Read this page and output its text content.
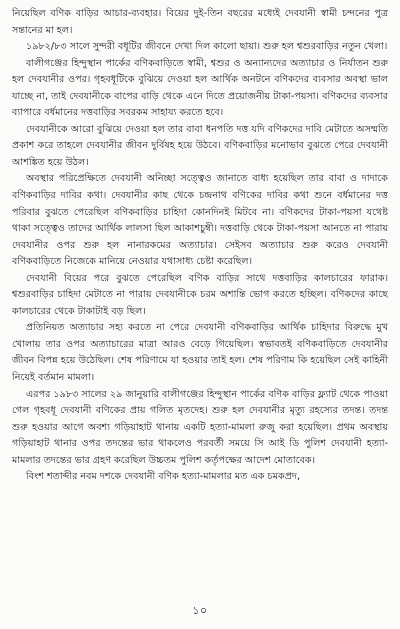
নিয়েছিল বণিক বাড়ির আচার-ব্যবহার। বিয়ের দুই-তিন বছরের মধ্যেই দেবযানী স্বামী চন্দনের পুত্র সন্তানের মা হল।

১৯৮২/৮৩ সালে সুন্দরী বধূটির জীবনে দেখা দিল কালো ছায়া। শুরু হল শ্বশুরবাড়ির নতুন খেলা।

বালীগঞ্জের হিন্দুস্থান পার্কের বণিকবাড়িতে স্বামী, শ্বশুর ও অন্যান্যদের অত্যাচার ও নির্যাতন শুরু হল দেবযানীর ওপর। গৃহবধূটিকে বুঝিয়ে দেওয়া হল আর্থিক অনটনে বণিকদের ব্যবসার অবস্থা ভাল যাচ্ছে না, তাই দেবযানীকে বাপের বাড়ি থেকে এনে দিতে প্রয়োজনীয় টাকা-পয়সা। বণিকদের ব্যবসার ব্যাপারে বর্ধমানের দত্তবাড়ির সবরকম সাহায্য করতে হবে।

দেবযানীকে আরো বুঝিয়ে দেওয়া হল তার বাবা ধনপতি দত্ত যদি বণিকদের দাবি মেটাতে অসম্মতি প্রকাশ করে তাহলে দেবযানীর জীবন দুর্বিষহ হয়ে উঠবে। বণিকবাড়ির মনোভাব বুঝতে পেরে দেবযানী আশঙ্কিত হয়ে উঠল।

অবস্থার পরিপ্রেক্ষিতে দেবযানী অনিচ্ছা সত্ত্বেও জানাতে বাধ্য হয়েছিল তার বাবা ও দাদাকে বণিকবাড়ির দাবির কথা। দেবযানীর কাছ থেকে চন্দ্রনাথ বণিকের দাবির কথা শুনে বর্ধমানের দত্ত পরিবার বুঝতে পেরেছিল বণিকবাড়ির চাহিদা কোনদিনই মিটবে না। বণিকদের টাকা-পয়সা যথেষ্ট থাকা সত্ত্বেও তাদের আর্থিক লালসা ছিল আকাশচুম্বী। দত্তবাড়ি থেকে টাকা-পয়সা আনতে না পারায় দেবযানীর ওপর শুরু হল নানারকমের অত্যাচার। সেইসব অত্যাচার শুরু করেও দেবযানী বণিকবাড়িতে নিজেকে মানিয়ে নেওয়ার যথাসাধ্য চেষ্টা করেছিল।

দেবযানী বিয়ের পরে বুঝতে পেরেছিল বণিক বাড়ির সাথে দত্তবাড়ির কালচারের ফারাক। শ্বশুরবাড়ির চাহিদা মেটাতে না পারায় দেবযানীকে চরম অশান্তি ভোগ করতে হচ্ছিল। বণিকদের কাছে কালচারের থেকে টাকাটাই বড় ছিল।

প্রতিনিয়ত অত্যাচার সহ্য করতে না পেরে দেবযানী বণিকবাড়ির আর্থিক চাহিদার বিরুদ্ধে মুখ খোলায় তার ওপর অত্যাচারের মাত্রা আরও বেড়ে গিয়েছিল। স্বভাবতই বণিকবাড়িতে দেবযানীর জীবন বিপন্ন হয়ে উঠেছিল। শেষ পরিণামে যা হওয়ার তাই হল। শেষ পরিণাম কি হয়েছিল সেই কাহিনী নিয়েই বর্তমান মামলা।

এরপর ১৯৮৩ সালের ২৯ জানুয়ারি বালীগঞ্জের হিন্দুস্থান পার্কের বণিক বাড়ির ফ্ল্যাট থেকে পাওয়া গেল গৃহবধূ দেবযানী বণিকের প্রায় গলিত মৃতদেহ। শুরু হল দেবযানীর মৃত্যু রহস্যের তদন্ত। তদন্ত শুরু হওয়ার আগে অবশ্য গড়িয়াহাট থানায় একটি হত্যা-মামলা রুজু করা হয়েছিল। প্রথম অবস্থায় গড়িয়াহাট থানার ওপর তদন্তের ভার থাকলেও পরবর্তী সময়ে সি আই ডি পুলিশ দেবযানী হত্যা-মামলার তদন্তের ভার গ্রহণ করেছিল উচ্চতম পুলিশ কর্তৃপক্ষের আদেশ মোতাবেক।

বিংশ শতাব্দীর নবম দশকে দেবযানী বণিক হত্যা-মামলার মত এক চমকপ্রদ,

১০
